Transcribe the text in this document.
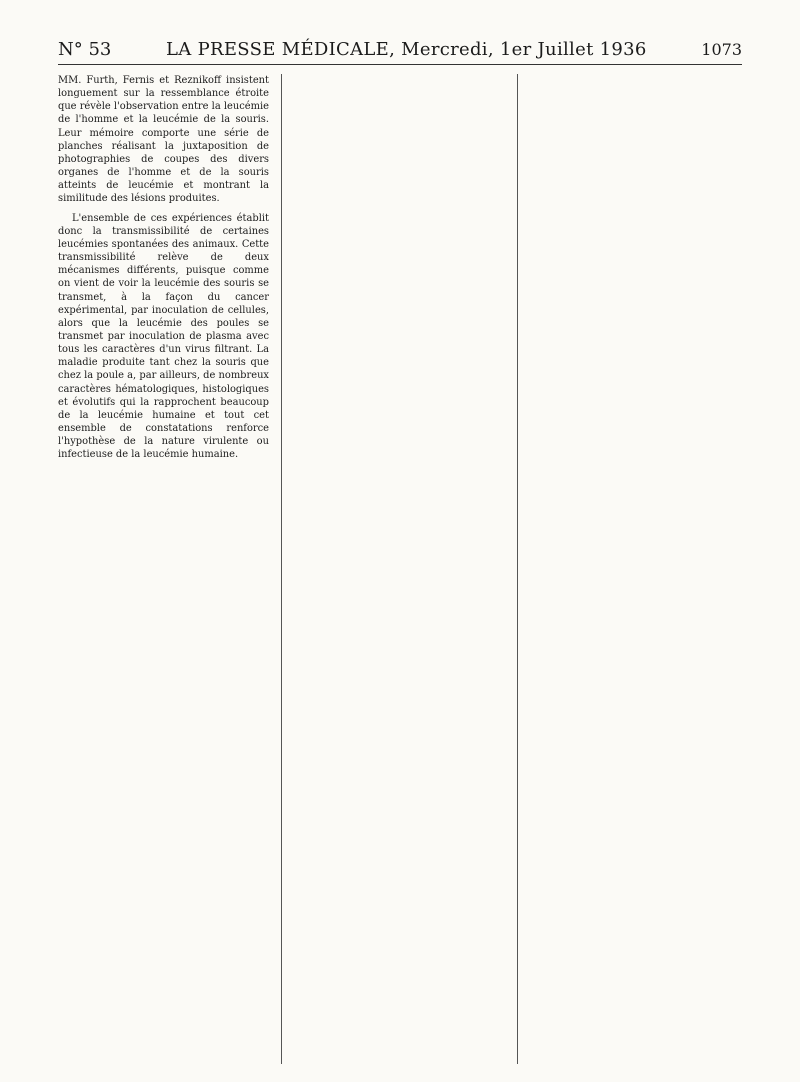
N° 53	LA PRESSE MÉDICALE, Mercredi, 1er Juillet 1936	1073

MM. Furth, Fernis et Reznikoff insistent longuement sur la ressemblance étroite que révèle l'observation entre la leucémie de l'homme et la leucémie de la souris. Leur mémoire comporte une série de planches réalisant la juxtaposition de photographies de coupes des divers organes de l'homme et de la souris atteints de leucémie et montrant la similitude des lésions produites.

L'ensemble de ces expériences établit donc la transmissibilité de certaines leucémies spontanées des animaux. Cette transmissibilité relève de deux mécanismes différents, puisque comme on vient de voir la leucémie des souris se transmet, à la façon du cancer expérimental, par inoculation de cellules, alors que la leucémie des poules se transmet par inoculation de plasma avec tous les caractères d'un virus filtrant. La maladie produite tant chez la souris que chez la poule a, par ailleurs, de nombreux caractères hématologiques, histologiques et évolutifs qui la rapprochent beaucoup de la leucémie humaine et tout cet ensemble de constatations renforce l'hypothèse de la nature virulente ou infectieuse de la leucémie humaine.
